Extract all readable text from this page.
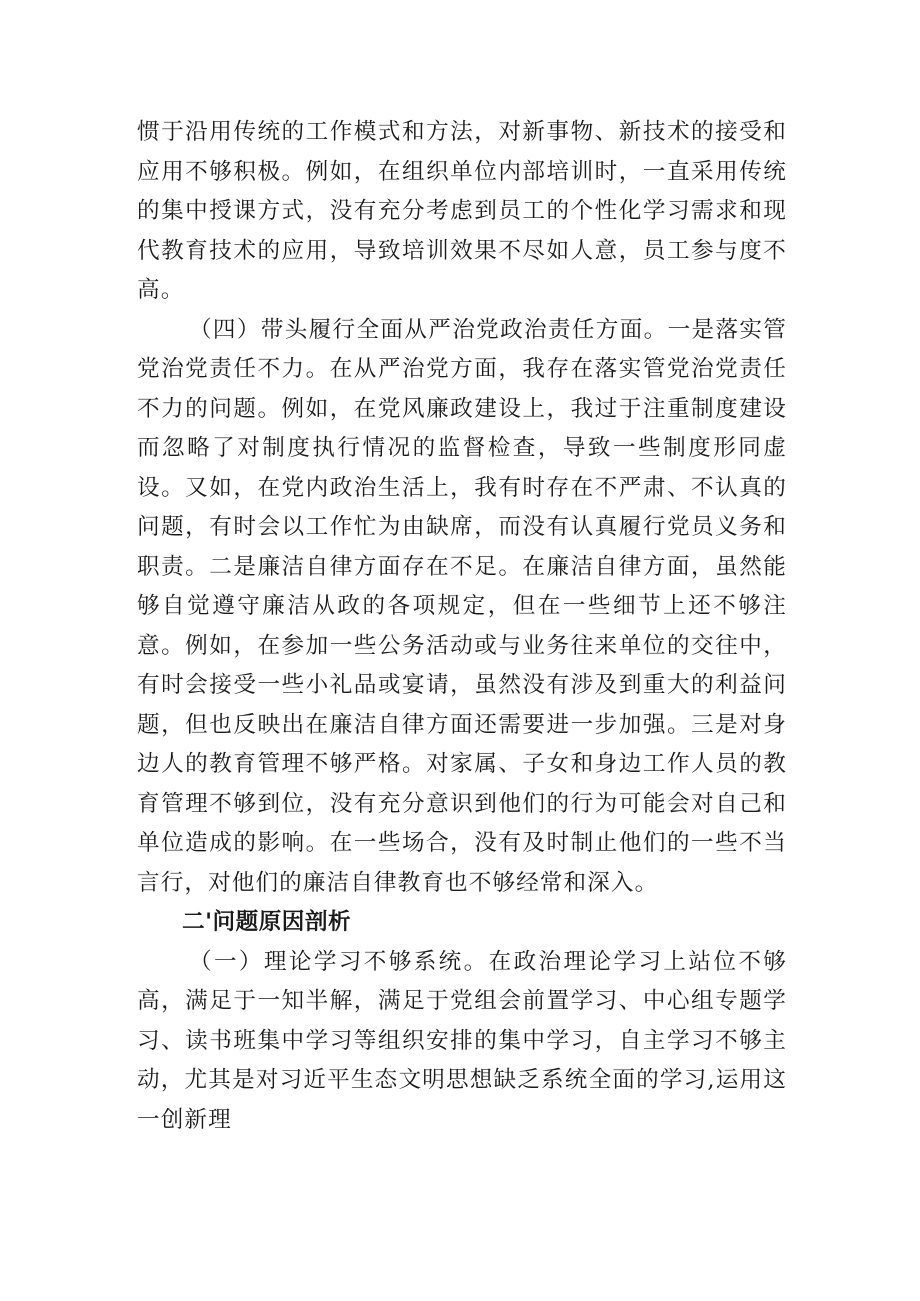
惯于沿用传统的工作模式和方法，对新事物、新技术的接受和应用不够积极。例如，在组织单位内部培训时，一直采用传统的集中授课方式，没有充分考虑到员工的个性化学习需求和现代教育技术的应用，导致培训效果不尽如人意，员工参与度不高。

（四）带头履行全面从严治党政治责任方面。一是落实管党治党责任不力。在从严治党方面，我存在落实管党治党责任不力的问题。例如，在党风廉政建设上，我过于注重制度建设而忽略了对制度执行情况的监督检查，导致一些制度形同虚设。又如，在党内政治生活上，我有时存在不严肃、不认真的问题，有时会以工作忙为由缺席，而没有认真履行党员义务和职责。二是廉洁自律方面存在不足。在廉洁自律方面，虽然能够自觉遵守廉洁从政的各项规定，但在一些细节上还不够注意。例如，在参加一些公务活动或与业务往来单位的交往中，有时会接受一些小礼品或宴请，虽然没有涉及到重大的利益问题，但也反映出在廉洁自律方面还需要进一步加强。三是对身边人的教育管理不够严格。对家属、子女和身边工作人员的教育管理不够到位，没有充分意识到他们的行为可能会对自己和单位造成的影响。在一些场合，没有及时制止他们的一些不当言行，对他们的廉洁自律教育也不够经常和深入。

二'问题原因剖析

（一）理论学习不够系统。在政治理论学习上站位不够高，满足于一知半解，满足于党组会前置学习、中心组专题学习、读书班集中学习等组织安排的集中学习，自主学习不够主动，尤其是对习近平生态文明思想缺乏系统全面的学习,运用这一创新理
